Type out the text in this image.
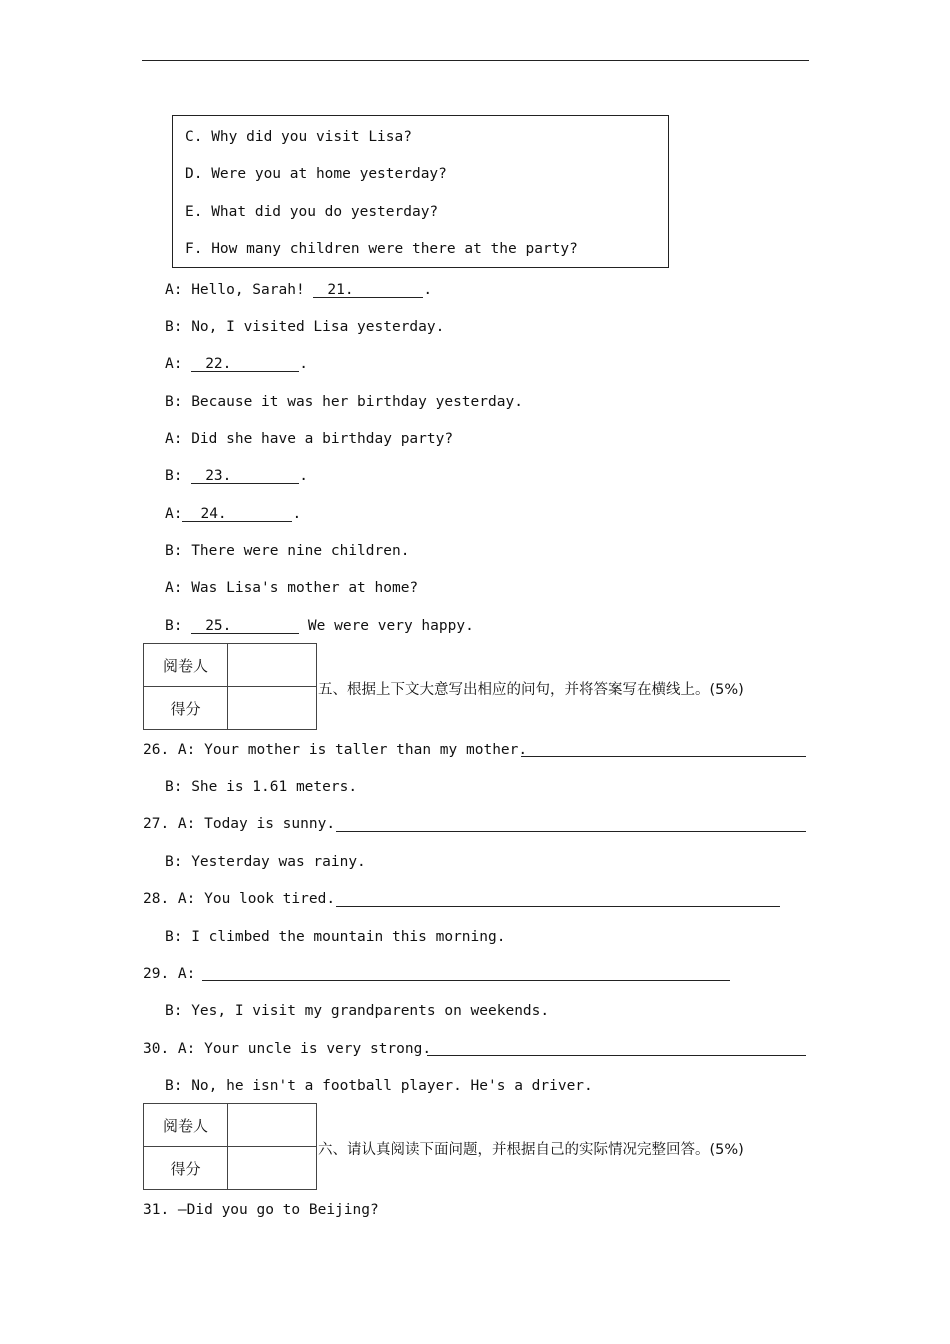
C. Why did you visit Lisa?
D. Were you at home yesterday?
E. What did you do yesterday?
F. How many children were there at the party?
A: Hello, Sarah! 21.	.
B: No, I visited Lisa yesterday.
A: 22.	.
B: Because it was her birthday yesterday.
A: Did she have a birthday party?
B: 23.	.
A: 24.	.
B: There were nine children.
A: Was Lisa's mother at home?
B: 25.	We were very happy.
阅卷人	
得分	
五、根据上下文大意写出相应的问句，并将答案写在横线上。(5%)
26. A: Your mother is taller than my mother.
B: She is 1.61 meters.
27. A: Today is sunny.
B: Yesterday was rainy.
28. A: You look tired.
B: I climbed the mountain this morning.
29. A:
B: Yes, I visit my grandparents on weekends.
30. A: Your uncle is very strong.
B: No, he isn't a football player. He's a driver.
阅卷人	
得分	
六、请认真阅读下面问题，并根据自己的实际情况完整回答。(5%)
31. —Did you go to Beijing?
